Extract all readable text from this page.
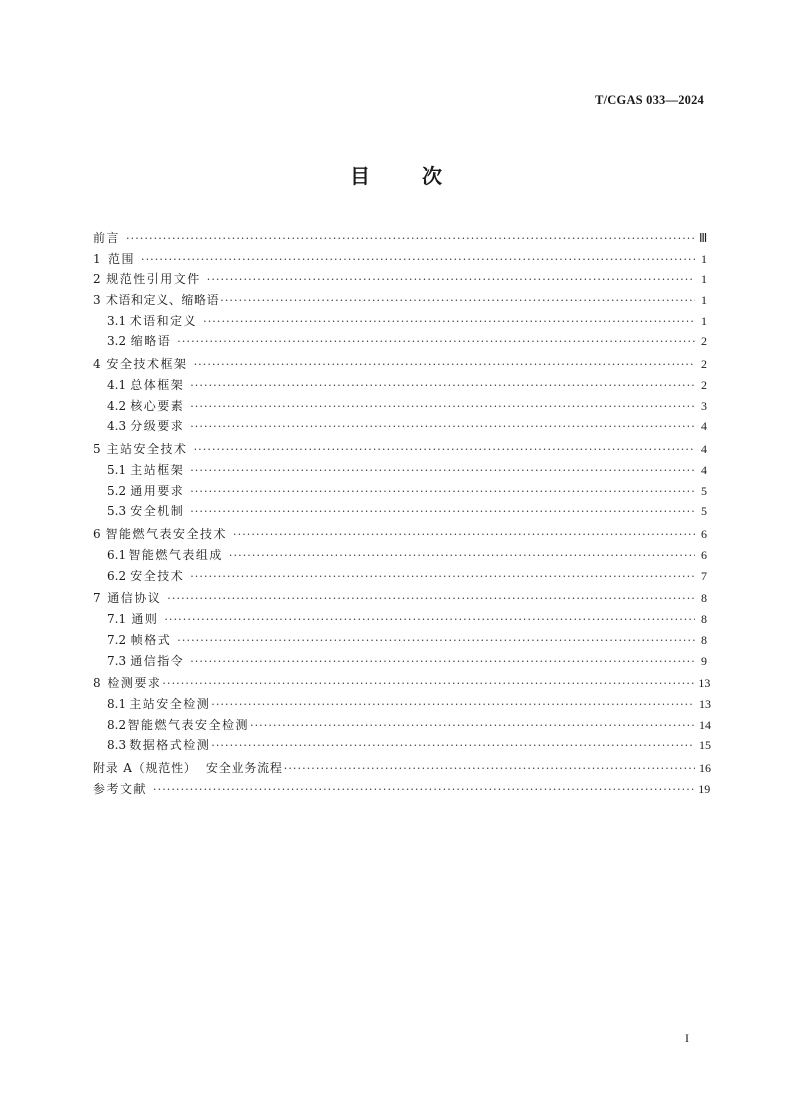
T/CGAS 033—2024
目	次
前言 ·····	Ⅲ
1 范围 ·····	1
2 规范性引用文件 ·····	1
3 术语和定义、缩略语 ·····	1
3.1 术语和定义 ·····	1
3.2 缩略语 ·····	2
4 安全技术框架 ·····	2
4.1 总体框架 ·····	2
4.2 核心要素 ·····	3
4.3 分级要求 ·····	4
5 主站安全技术 ·····	4
5.1 主站框架 ·····	4
5.2 通用要求 ·····	5
5.3 安全机制 ·····	5
6 智能燃气表安全技术 ·····	6
6.1 智能燃气表组成 ·····	6
6.2 安全技术 ·····	7
7 通信协议 ·····	8
7.1 通则 ·····	8
7.2 帧格式 ·····	8
7.3 通信指令 ·····	9
8 检测要求 ·····	13
8.1 主站安全检测 ·····	13
8.2 智能燃气表安全检测 ·····	14
8.3 数据格式检测 ·····	15
附录 A（规范性）  安全业务流程 ·····	16
参考文献 ·····	19
I
